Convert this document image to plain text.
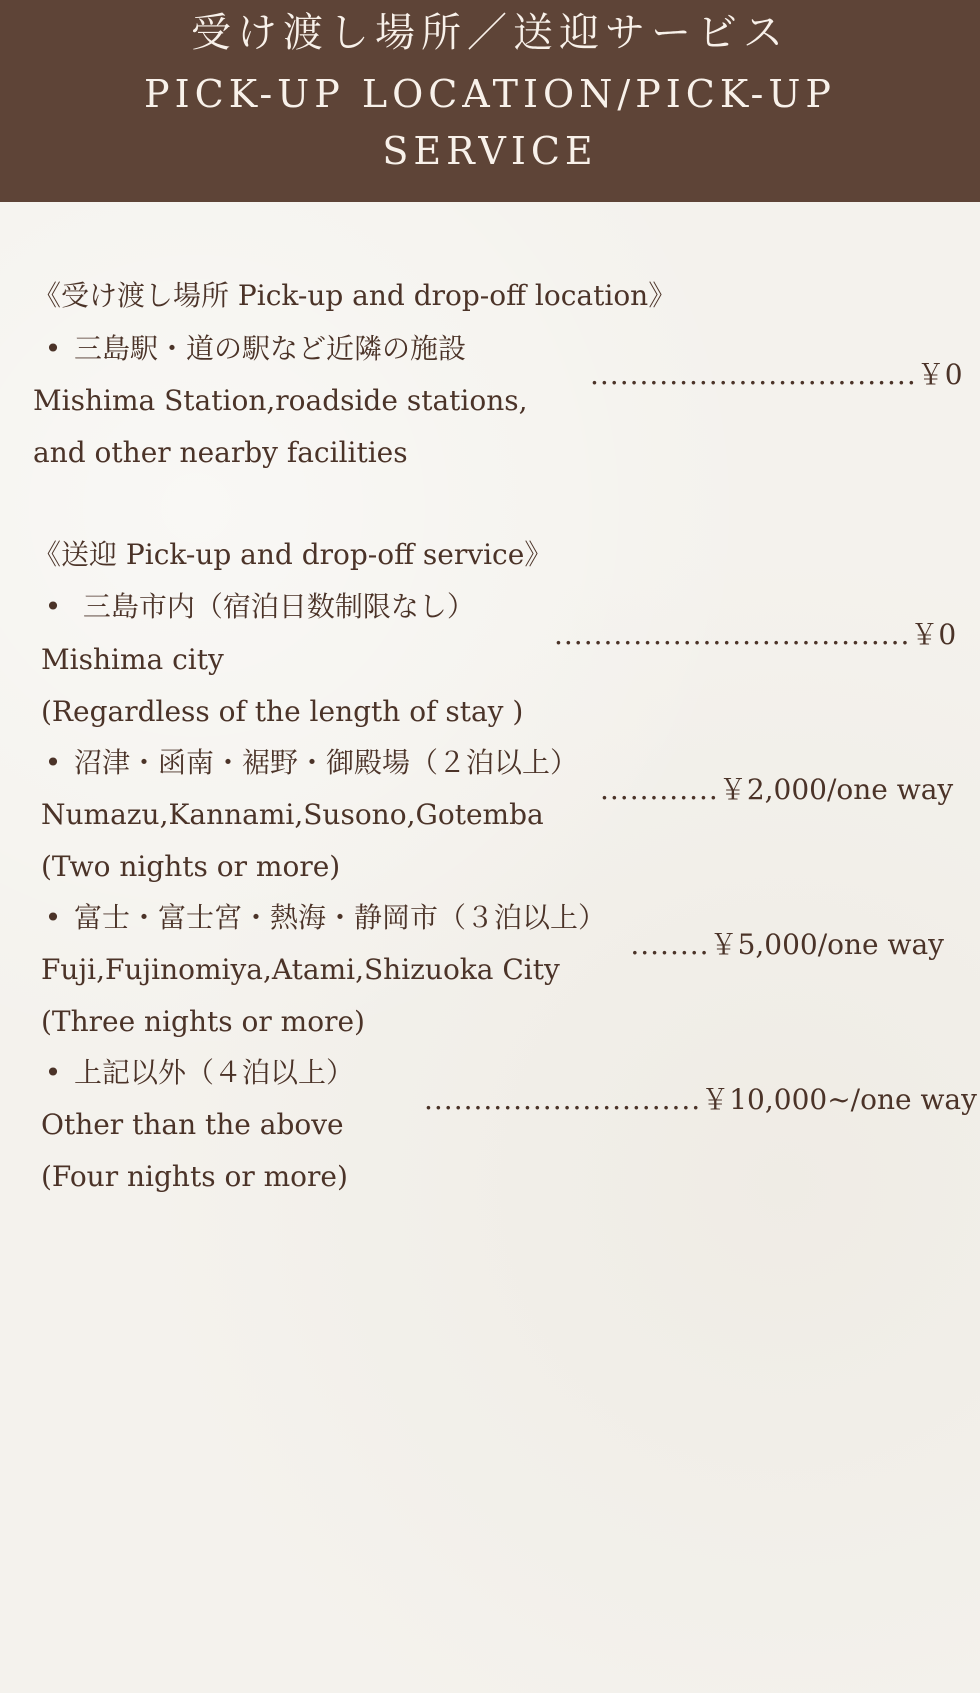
受け渡し場所／送迎サービス
PICK-UP LOCATION/PICK-UP SERVICE
《受け渡し場所 Pick-up and drop-off location》
• 三島駅・道の駅など近隣の施設
Mishima Station,roadside stations,
and other nearby facilities
.................................￥0
《送迎 Pick-up and drop-off service》
• 三島市内（宿泊日数制限なし）
Mishima city
(Regardless of the length of stay )
....................................￥0
• 沼津・函南・裾野・御殿場（２泊以上）
Numazu,Kannami,Susono,Gotemba
(Two nights or more)
............￥2,000/one way
• 富士・富士宮・熱海・静岡市（３泊以上）
Fuji,Fujinomiya,Atami,Shizuoka City
(Three nights or more)
........￥5,000/one way
• 上記以外（４泊以上）
Other than the above
(Four nights or more)
............................￥10,000~/one way
